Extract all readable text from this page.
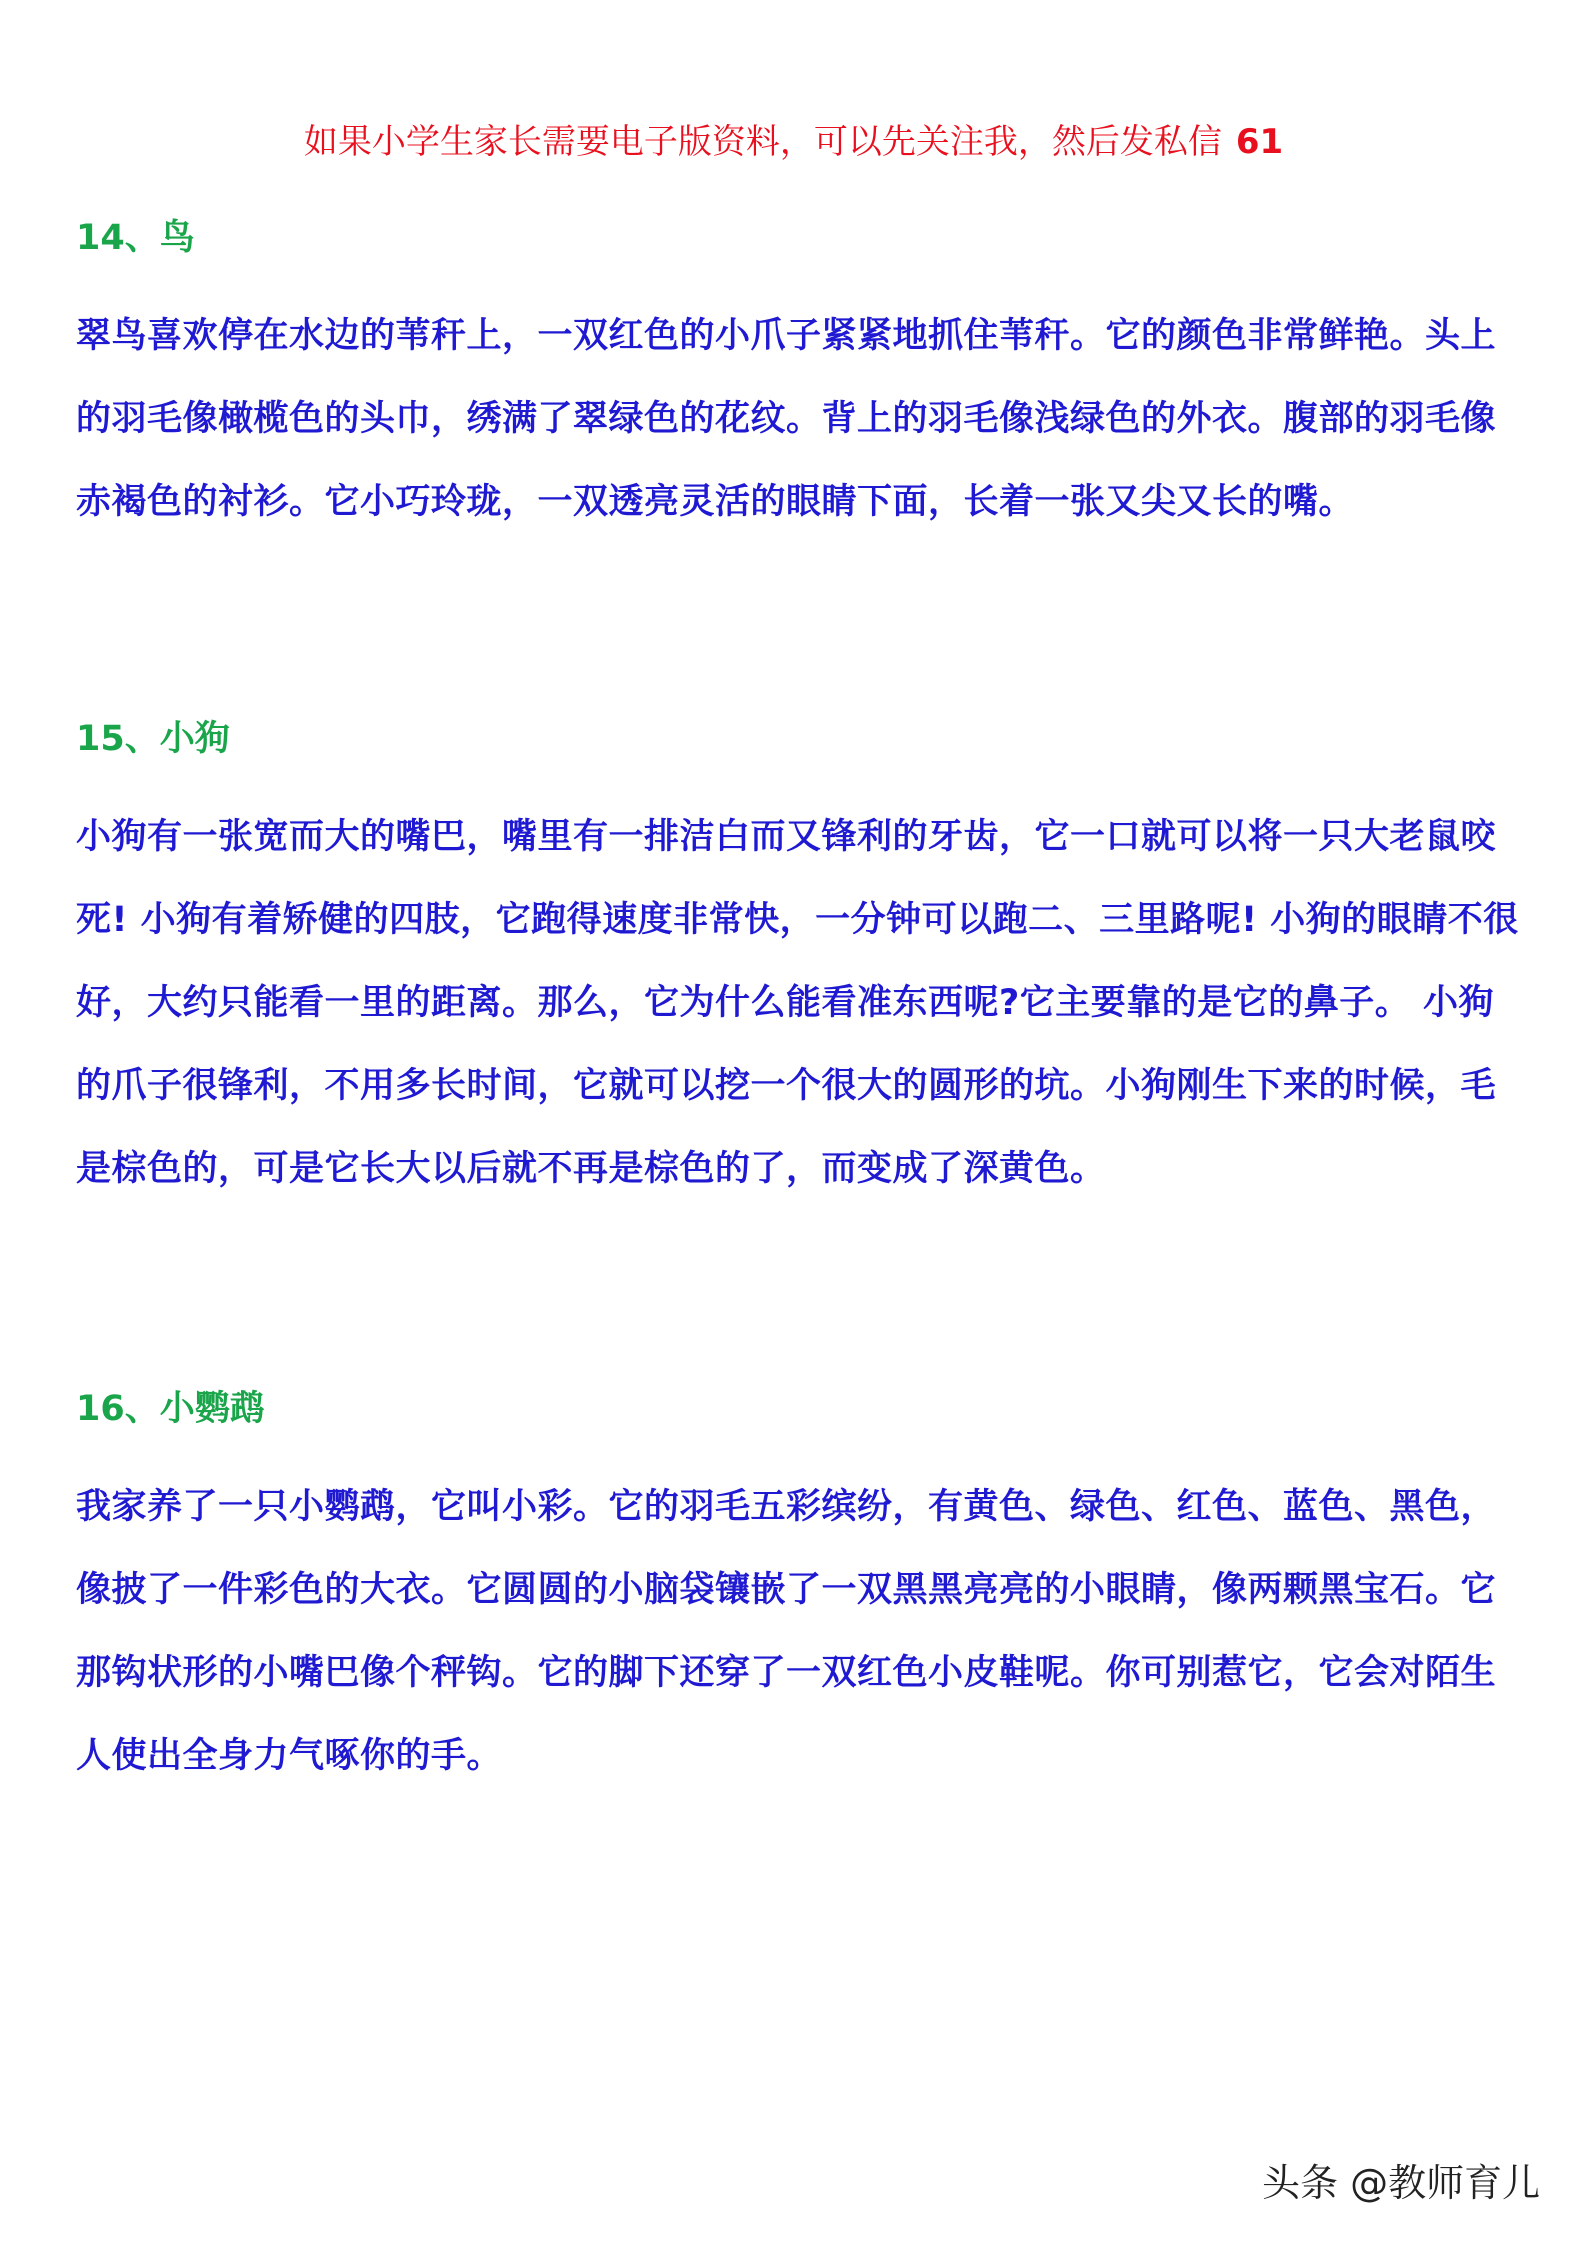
如果小学生家长需要电子版资料，可以先关注我，然后发私信 61
14、鸟

翠鸟喜欢停在水边的苇秆上，一双红色的小爪子紧紧地抓住苇秆。它的颜色非常鲜艳。头上的羽毛像橄榄色的头巾，绣满了翠绿色的花纹。背上的羽毛像浅绿色的外衣。腹部的羽毛像赤褐色的衬衫。它小巧玲珑，一双透亮灵活的眼睛下面，长着一张又尖又长的嘴。

15、小狗

小狗有一张宽而大的嘴巴，嘴里有一排洁白而又锋利的牙齿，它一口就可以将一只大老鼠咬死! 小狗有着矫健的四肢，它跑得速度非常快，一分钟可以跑二、三里路呢! 小狗的眼睛不很好，大约只能看一里的距离。那么，它为什么能看准东西呢?它主要靠的是它的鼻子。 小狗的爪子很锋利，不用多长时间，它就可以挖一个很大的圆形的坑。小狗刚生下来的时候，毛是棕色的，可是它长大以后就不再是棕色的了，而变成了深黄色。

16、小鹦鹉

我家养了一只小鹦鹉，它叫小彩。它的羽毛五彩缤纷，有黄色、绿色、红色、蓝色、黑色，像披了一件彩色的大衣。它圆圆的小脑袋镶嵌了一双黑黑亮亮的小眼睛，像两颗黑宝石。它那钩状形的小嘴巴像个秤钩。它的脚下还穿了一双红色小皮鞋呢。你可别惹它，它会对陌生人使出全身力气啄你的手。

头条 @教师育儿
